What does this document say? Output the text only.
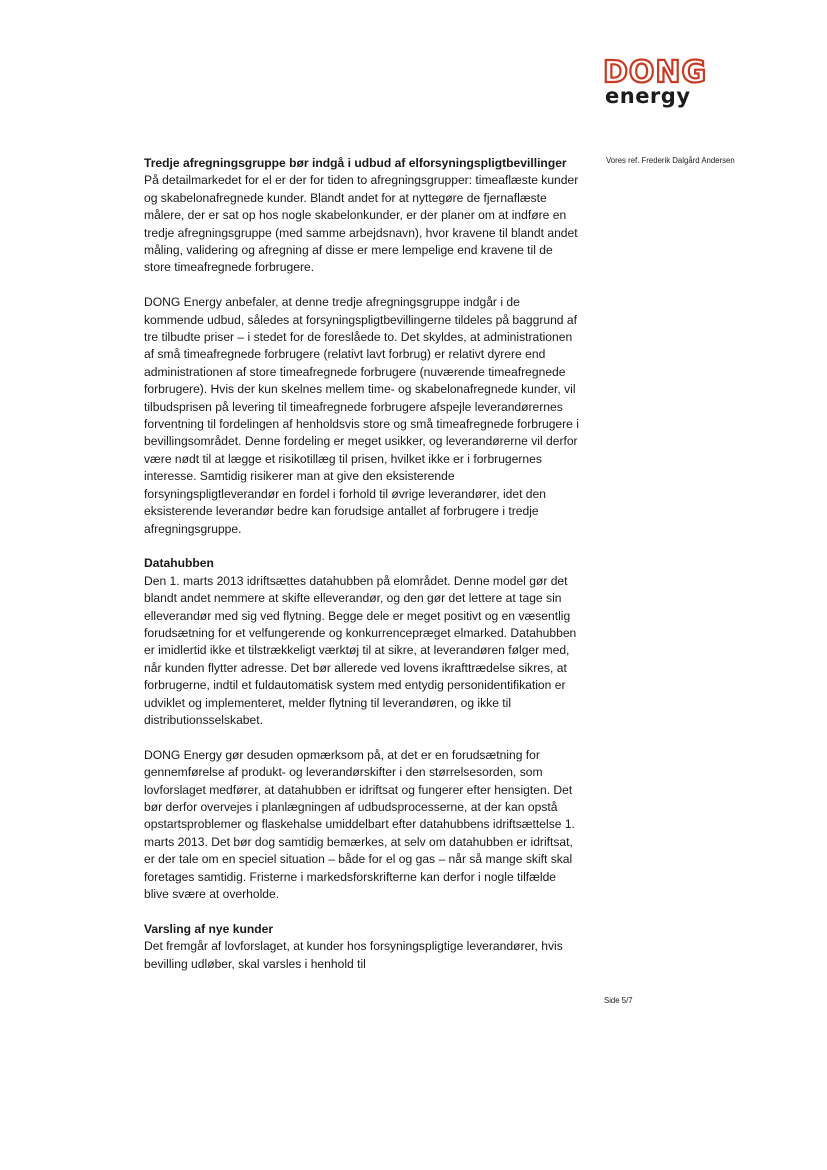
DONG
energy
Vores ref. Frederik Dalgård Andersen
Tredje afregningsgruppe bør indgå i udbud af elforsyningspligtbevillinger

På detailmarkedet for el er der for tiden to afregningsgrupper: timeaflæste kunder og skabelonafregnede kunder. Blandt andet for at nyttegøre de fjernaflæste målere, der er sat op hos nogle skabelonkunder, er der planer om at indføre en tredje afregningsgruppe (med samme arbejdsnavn), hvor kravene til blandt andet måling, validering og afregning af disse er mere lempelige end kravene til de store timeafregnede forbrugere.

DONG Energy anbefaler, at denne tredje afregningsgruppe indgår i de kommende udbud, således at forsyningspligtbevillingerne tildeles på baggrund af tre tilbudte priser – i stedet for de foreslåede to. Det skyldes, at administrationen af små timeafregnede forbrugere (relativt lavt forbrug) er relativt dyrere end administrationen af store timeafregnede forbrugere (nuværende timeafregnede forbrugere). Hvis der kun skelnes mellem time- og skabelonafregnede kunder, vil tilbudsprisen på levering til timeafregnede forbrugere afspejle leverandørernes forventning til fordelingen af henholdsvis store og små timeafregnede forbrugere i bevillingsområdet. Denne fordeling er meget usikker, og leverandørerne vil derfor være nødt til at lægge et risikotillæg til prisen, hvilket ikke er i forbrugernes interesse. Samtidig risikerer man at give den eksisterende forsyningspligtleverandør en fordel i forhold til øvrige leverandører, idet den eksisterende leverandør bedre kan forudsige antallet af forbrugere i tredje afregningsgruppe.

Datahubben

Den 1. marts 2013 idriftsættes datahubben på elområdet. Denne model gør det blandt andet nemmere at skifte elleverandør, og den gør det lettere at tage sin elleverandør med sig ved flytning. Begge dele er meget positivt og en væsentlig forudsætning for et velfungerende og konkurrencepræget elmarked. Datahubben er imidlertid ikke et tilstrækkeligt værktøj til at sikre, at leverandøren følger med, når kunden flytter adresse. Det bør allerede ved lovens ikrafttrædelse sikres, at forbrugerne, indtil et fuldautomatisk system med entydig personidentifikation er udviklet og implementeret, melder flytning til leverandøren, og ikke til distributionsselskabet.

DONG Energy gør desuden opmærksom på, at det er en forudsætning for gennemførelse af produkt- og leverandørskifter i den størrelsesorden, som lovforslaget medfører, at datahubben er idriftsat og fungerer efter hensigten. Det bør derfor overvejes i planlægningen af udbudsprocesserne, at der kan opstå opstartsproblemer og flaskehalse umiddelbart efter datahubbens idriftsættelse 1. marts 2013. Det bør dog samtidig bemærkes, at selv om datahubben er idriftsat, er der tale om en speciel situation – både for el og gas – når så mange skift skal foretages samtidig. Fristerne i markedsforskrifterne kan derfor i nogle tilfælde blive svære at overholde.

Varsling af nye kunder

Det fremgår af lovforslaget, at kunder hos forsyningspligtige leverandører, hvis bevilling udløber, skal varsles i henhold til

Side 5/7
